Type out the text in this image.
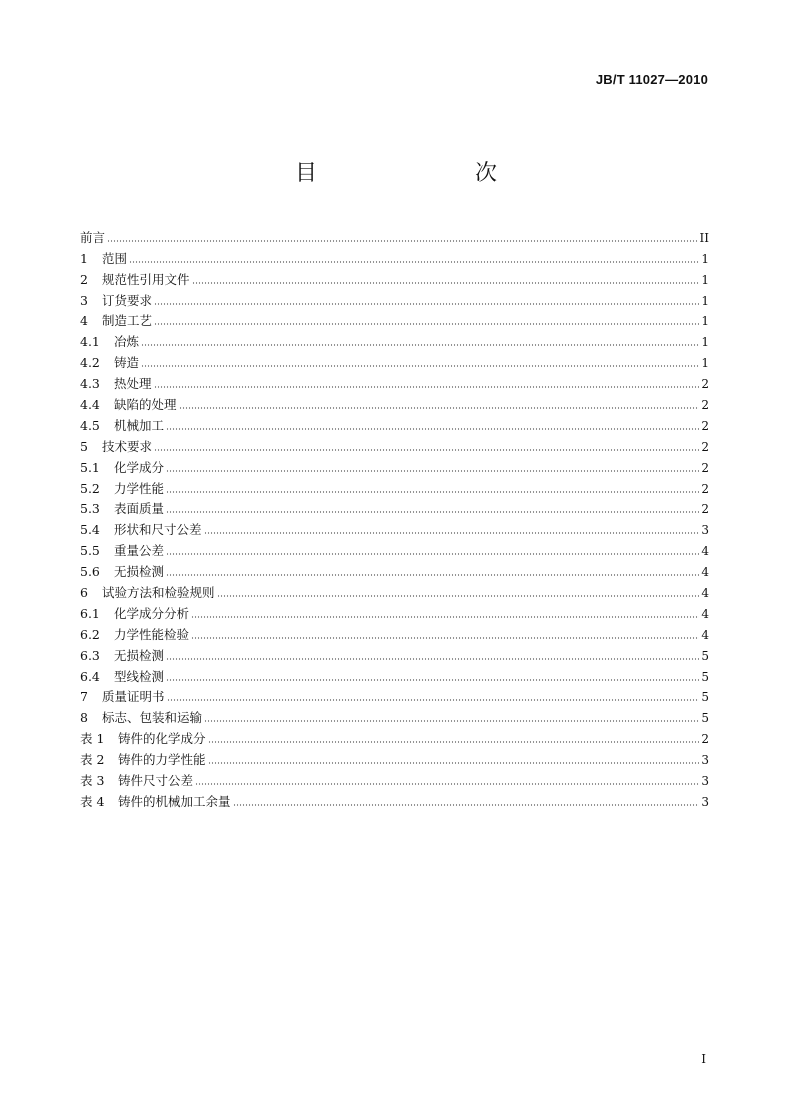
JB/T 11027—2010
目　　次
前言	II
1	范围	1
2	规范性引用文件	1
3	订货要求	1
4	制造工艺	1
4.1	冶炼	1
4.2	铸造	1
4.3	热处理	2
4.4	缺陷的处理	2
4.5	机械加工	2
5	技术要求	2
5.1	化学成分	2
5.2	力学性能	2
5.3	表面质量	2
5.4	形状和尺寸公差	3
5.5	重量公差	4
5.6	无损检测	4
6	试验方法和检验规则	4
6.1	化学成分分析	4
6.2	力学性能检验	4
6.3	无损检测	5
6.4	型线检测	5
7	质量证明书	5
8	标志、包装和运输	5
表 1	铸件的化学成分	2
表 2	铸件的力学性能	3
表 3	铸件尺寸公差	3
表 4	铸件的机械加工余量	3
I
